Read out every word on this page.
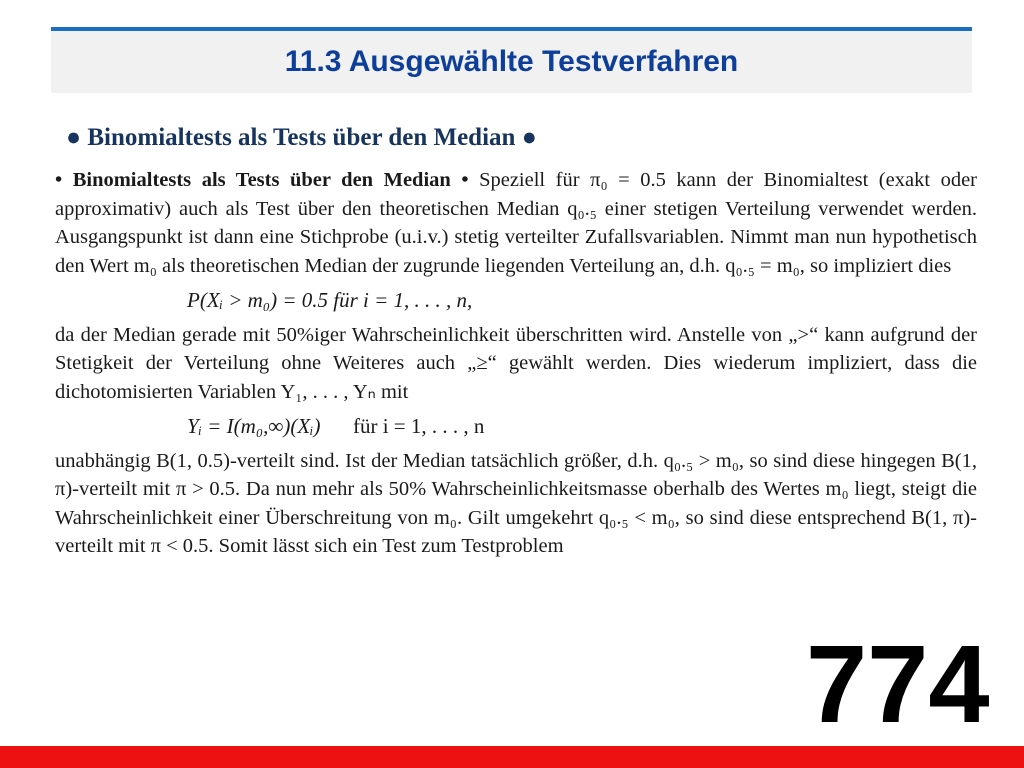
11.3 Ausgewählte Testverfahren
● Binomialtests als Tests über den Median ●
• Binomialtests als Tests über den Median • Speziell für π₀ = 0.5 kann der Binomialtest (exakt oder approximativ) auch als Test über den theoretischen Median q₀.₅ einer stetigen Verteilung verwendet werden. Ausgangspunkt ist dann eine Stichprobe (u.i.v.) stetig verteilter Zufallsvariablen. Nimmt man nun hypothetisch den Wert m₀ als theoretischen Median der zugrunde liegenden Verteilung an, d.h. q₀.₅ = m₀, so impliziert dies
P(Xᵢ > m₀) = 0.5 für i = 1, . . . , n,
da der Median gerade mit 50%iger Wahrscheinlichkeit überschritten wird. Anstelle von „>“ kann aufgrund der Stetigkeit der Verteilung ohne Weiteres auch „≥“ gewählt werden. Dies wiederum impliziert, dass die dichotomisierten Variablen Y₁, . . . , Yₙ mit
Yᵢ = I(m₀,∞)(Xᵢ) für i = 1, . . . , n
unabhängig B(1, 0.5)-verteilt sind. Ist der Median tatsächlich größer, d.h. q₀.₅ > m₀, so sind diese hingegen B(1, π)-verteilt mit π > 0.5. Da nun mehr als 50% Wahrscheinlichkeitsmasse oberhalb des Wertes m₀ liegt, steigt die Wahrscheinlichkeit einer Überschreitung von m₀. Gilt umgekehrt q₀.₅ < m₀, so sind diese entsprechend B(1, π)-verteilt mit π < 0.5. Somit lässt sich ein Test zum Testproblem
774
